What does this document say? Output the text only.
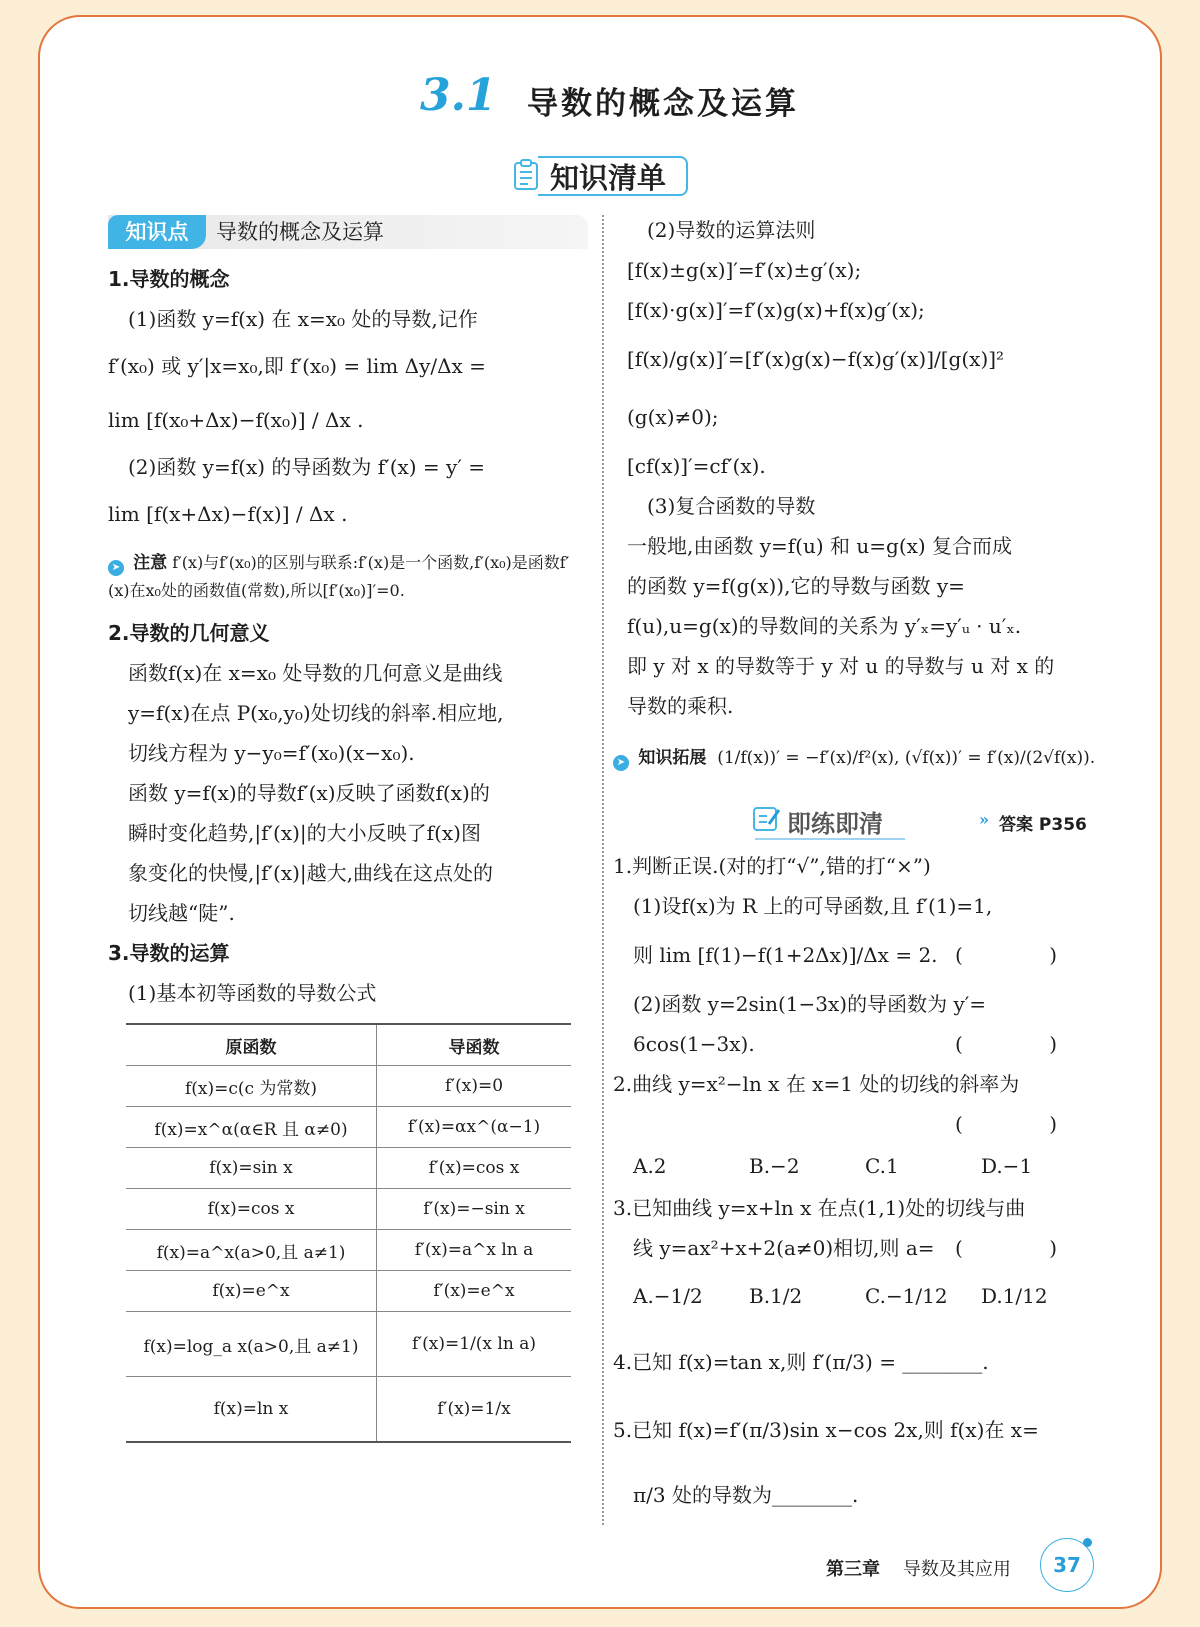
3.1 导数的概念及运算
知识清单
知识点	导数的概念及运算
1.导数的概念
(1)函数 y=f(x) 在 x=x₀ 处的导数,记作
f′(x₀) 或 y′|x=x₀,即 f′(x₀) = lim Δy/Δx =
lim [f(x₀+Δx)−f(x₀)] / Δx .
(2)函数 y=f(x) 的导函数为 f′(x) = y′ =
lim [f(x+Δx)−f(x)] / Δx .
➤ 注意 f′(x)与f′(x₀)的区别与联系:f′(x)是一个函数,f′(x₀)是函数f′(x)在x₀处的函数值(常数),所以[f′(x₀)]′=0.
2.导数的几何意义
函数f(x)在 x=x₀ 处导数的几何意义是曲线
y=f(x)在点 P(x₀,y₀)处切线的斜率.相应地,
切线方程为 y−y₀=f′(x₀)(x−x₀).
函数 y=f(x)的导数f′(x)反映了函数f(x)的
瞬时变化趋势,|f′(x)|的大小反映了f(x)图
象变化的快慢,|f′(x)|越大,曲线在这点处的
切线越“陡”.
3.导数的运算
(1)基本初等函数的导数公式
原函数	导函数
f(x)=c(c 为常数)	f′(x)=0
f(x)=x^α(α∈R 且 α≠0)	f′(x)=αx^(α−1)
f(x)=sin x	f′(x)=cos x
f(x)=cos x	f′(x)=−sin x
f(x)=a^x(a>0,且 a≠1)	f′(x)=a^x ln a
f(x)=e^x	f′(x)=e^x
f(x)=log_a x(a>0,且 a≠1)	f′(x)=1/(x ln a)
f(x)=ln x	f′(x)=1/x
(2)导数的运算法则
[f(x)±g(x)]′=f′(x)±g′(x);
[f(x)·g(x)]′=f′(x)g(x)+f(x)g′(x);
[f(x)/g(x)]′=[f′(x)g(x)−f(x)g′(x)]/[g(x)]² (g(x)≠0);
[cf(x)]′=cf′(x).
(3)复合函数的导数
一般地,由函数 y=f(u) 和 u=g(x) 复合而成
的函数 y=f(g(x)),它的导数与函数 y=
f(u),u=g(x)的导数间的关系为 y′ₓ=y′ᵤ · u′ₓ.
即 y 对 x 的导数等于 y 对 u 的导数与 u 对 x 的
导数的乘积.
➤ 知识拓展 (1/f(x))′ = −f′(x)/f²(x), (√f(x))′ = f′(x)/(2√f(x)).
即练即清	» 答案 P356
1.判断正误.(对的打“√”,错的打“×”)
(1)设f(x)为 R 上的可导函数,且 f′(1)=1,
则 lim [f(1)−f(1+2Δx)]/Δx = 2. ( )
(2)函数 y=2sin(1−3x)的导函数为 y′=
6cos(1−3x).	( )
2.曲线 y=x²−ln x 在 x=1 处的切线的斜率为
( )

A.2	B.−2	C.1	D.−1
3.已知曲线 y=x+ln x 在点(1,1)处的切线与曲
线 y=ax²+x+2(a≠0)相切,则 a= ( )
A.−1/2	B.1/2	C.−1/12	D.1/12
4.已知 f(x)=tan x,则 f′(π/3) = ________.
5.已知 f(x)=f′(π/3)sin x−cos 2x,则 f(x)在 x=
π/3 处的导数为________.
第三章 导数及其应用	37
